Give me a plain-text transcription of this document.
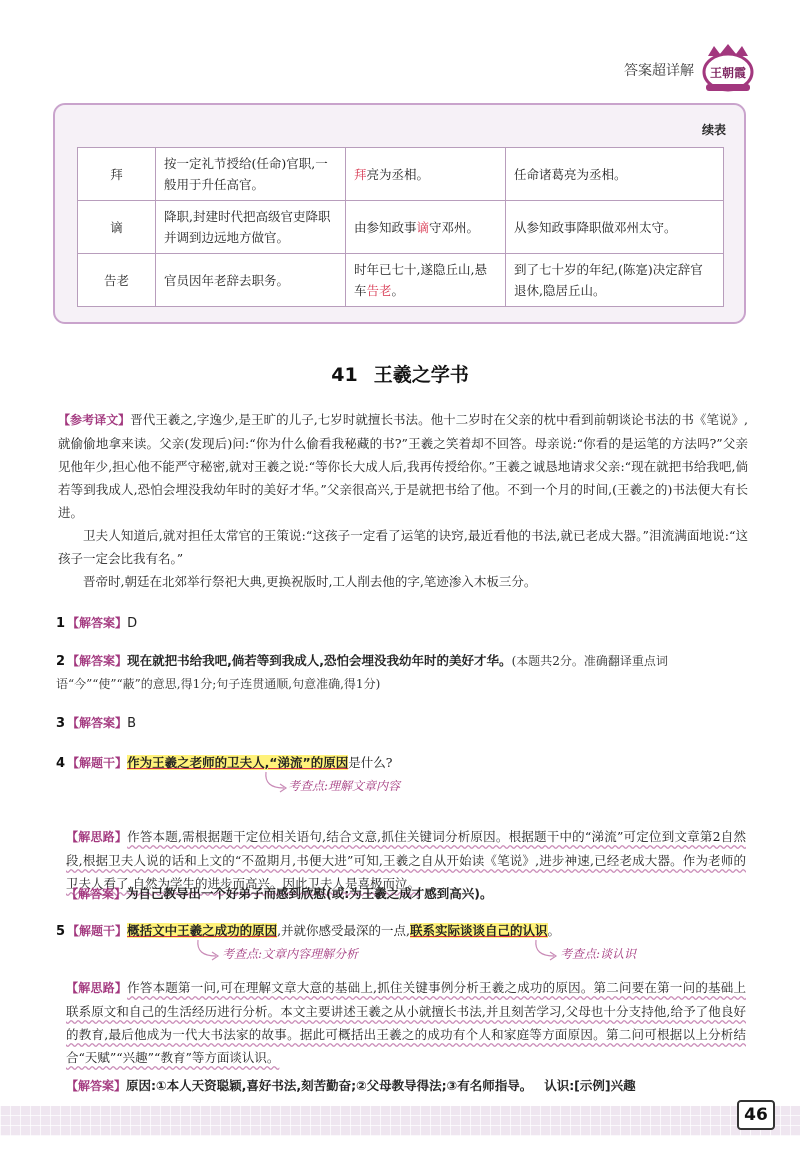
答案超详解 王朝霞
续表
拜	按一定礼节授给(任命)官职,一般用于升任高官。	拜亮为丞相。	任命诸葛亮为丞相。
谪	降职,封建时代把高级官吏降职并调到边远地方做官。	由参知政事谪守邓州。	从参知政事降职做邓州太守。
告老	官员因年老辞去职务。	时年已七十,遂隐丘山,悬车告老。	到了七十岁的年纪,(陈寔)决定辞官退休,隐居丘山。
41 王羲之学书

【参考译文】晋代王羲之,字逸少,是王旷的儿子,七岁时就擅长书法。他十二岁时在父亲的枕中看到前朝谈论书法的书《笔说》,就偷偷地拿来读。父亲(发现后)问:“你为什么偷看我秘藏的书?”王羲之笑着却不回答。母亲说:“你看的是运笔的方法吗?”父亲见他年少,担心他不能严守秘密,就对王羲之说:“等你长大成人后,我再传授给你。”王羲之诚恳地请求父亲:“现在就把书给我吧,倘若等到我成人,恐怕会埋没我幼年时的美好才华。”父亲很高兴,于是就把书给了他。不到一个月的时间,(王羲之的)书法便大有长进。

卫夫人知道后,就对担任太常官的王策说:“这孩子一定看了运笔的诀窍,最近看他的书法,就已老成大器。”泪流满面地说:“这孩子一定会比我有名。”

晋帝时,朝廷在北郊举行祭祀大典,更换祝版时,工人削去他的字,笔迹渗入木板三分。

1 【解答案】D
2 【解答案】现在就把书给我吧,倘若等到我成人,恐怕会埋没我幼年时的美好才华。(本题共2分。准确翻译重点词语“今”“使”“蔽”的意思,得1分;句子连贯通顺,句意准确,得1分)
3 【解答案】B
4 【解题干】作为王羲之老师的卫夫人,“涕流”的原因是什么?
考查点:理解文章内容
【解思路】作答本题,需根据题干定位相关语句,结合文意,抓住关键词分析原因。根据题干中的“涕流”可定位到文章第2自然段,根据卫夫人说的话和上文的“不盈期月,书便大进”可知,王羲之自从开始读《笔说》,进步神速,已经老成大器。作为老师的卫夫人看了,自然为学生的进步而高兴。因此卫夫人是喜极而泣。
【解答案】为自己教导出一个好弟子而感到欣慰(或:为王羲之成才感到高兴)。
5 【解题干】概括文中王羲之成功的原因,并就你感受最深的一点,联系实际谈谈自己的认识。
考查点:文章内容理解分析	考查点:谈认识
【解思路】作答本题第一问,可在理解文章大意的基础上,抓住关键事例分析王羲之成功的原因。第二问要在第一问的基础上联系原文和自己的生活经历进行分析。本文主要讲述王羲之从小就擅长书法,并且刻苦学习,父母也十分支持他,给予了他良好的教育,最后他成为一代大书法家的故事。据此可概括出王羲之的成功有个人和家庭等方面原因。第二问可根据以上分析结合“天赋”“兴趣”“教育”等方面谈认识。
【解答案】原因:①本人天资聪颖,喜好书法,刻苦勤奋;②父母教导得法;③有名师指导。 认识:[示例]兴趣
46
